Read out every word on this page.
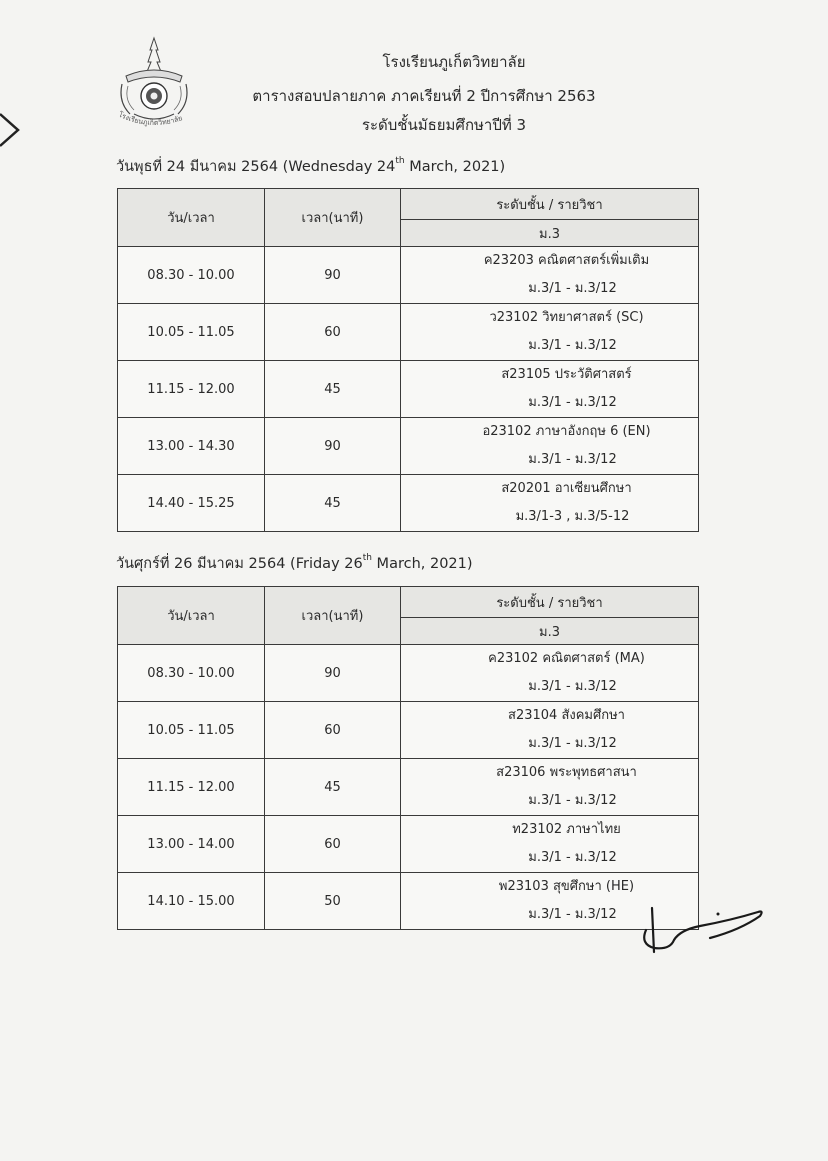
โรงเรียนภูเก็ตวิทยาลัย
โรงเรียนภูเก็ตวิทยาลัย
ตารางสอบปลายภาค ภาคเรียนที่ 2 ปีการศึกษา 2563
ระดับชั้นมัธยมศึกษาปีที่ 3
วันพุธที่ 24 มีนาคม 2564 (Wednesday 24th March, 2021)
วัน/เวลา	เวลา(นาที)	ระดับชั้น / รายวิชา
		ม.3
08.30 - 10.00	90	ค23203 คณิตศาสตร์เพิ่มเติม
ม.3/1 - ม.3/12

10.05 - 11.05	60	ว23102 วิทยาศาสตร์ (SC)
ม.3/1 - ม.3/12

11.15 - 12.00	45	ส23105 ประวัติศาสตร์
ม.3/1 - ม.3/12

13.00 - 14.30	90	อ23102 ภาษาอังกฤษ 6 (EN)
ม.3/1 - ม.3/12

14.40 - 15.25	45	ส20201 อาเซียนศึกษา
ม.3/1-3 , ม.3/5-12
วันศุกร์ที่ 26 มีนาคม 2564 (Friday 26th March, 2021)
วัน/เวลา	เวลา(นาที)	ระดับชั้น / รายวิชา
		ม.3
08.30 - 10.00	90	ค23102 คณิตศาสตร์ (MA)
ม.3/1 - ม.3/12

10.05 - 11.05	60	ส23104 สังคมศึกษา
ม.3/1 - ม.3/12

11.15 - 12.00	45	ส23106 พระพุทธศาสนา
ม.3/1 - ม.3/12

13.00 - 14.00	60	ท23102 ภาษาไทย
ม.3/1 - ม.3/12

14.10 - 15.00	50	พ23103 สุขศึกษา (HE)
ม.3/1 - ม.3/12
